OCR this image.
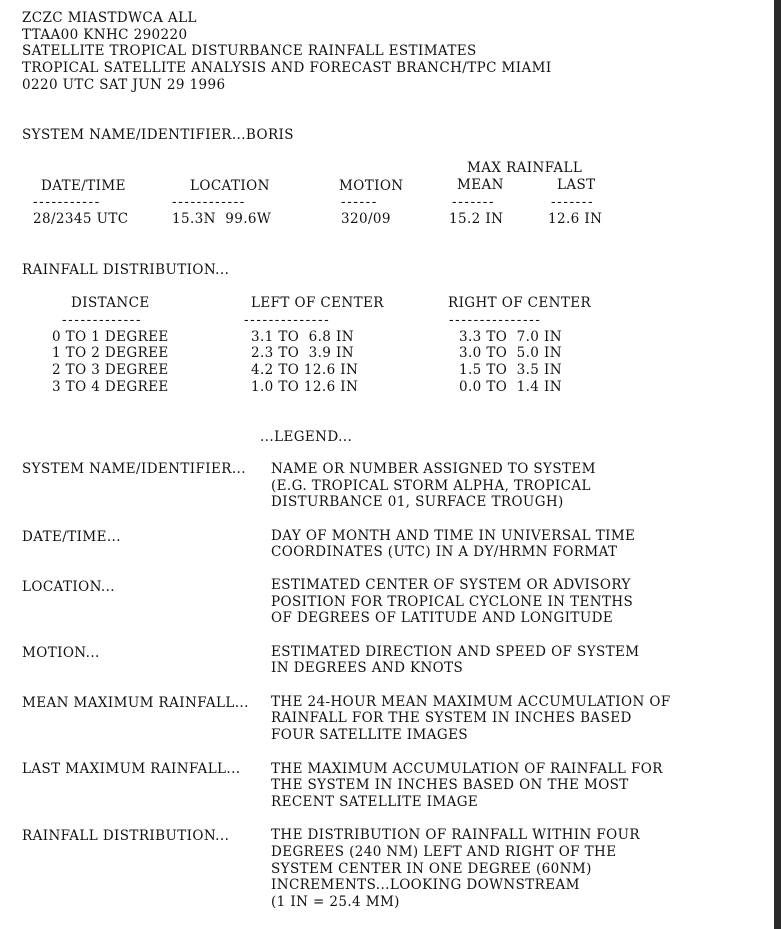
ZCZC MIASTDWCA ALL
TTAA00 KNHC 290220
SATELLITE TROPICAL DISTURBANCE RAINFALL ESTIMATES
TROPICAL SATELLITE ANALYSIS AND FORECAST BRANCH/TPC MIAMI
0220 UTC SAT JUN 29 1996
SYSTEM NAME/IDENTIFIER...BORIS
MAX RAINFALL
DATE/TIME	LOCATION	MOTION	MEAN	LAST
-----------	------------	------	-------	-------
28/2345 UTC	15.3N  99.6W	320/09	15.2 IN	12.6 IN
RAINFALL DISTRIBUTION...
DISTANCE	LEFT OF CENTER	RIGHT OF CENTER
-------------	--------------	---------------
0 TO 1 DEGREE	3.1 TO  6.8 IN	3.3 TO  7.0 IN
1 TO 2 DEGREE	2.3 TO  3.9 IN	3.0 TO  5.0 IN
2 TO 3 DEGREE	4.2 TO 12.6 IN	1.5 TO  3.5 IN
3 TO 4 DEGREE	1.0 TO 12.6 IN	0.0 TO  1.4 IN
...LEGEND...
SYSTEM NAME/IDENTIFIER... NAME OR NUMBER ASSIGNED TO SYSTEM
(E.G. TROPICAL STORM ALPHA, TROPICAL
DISTURBANCE 01, SURFACE TROUGH)
DATE/TIME...	DAY OF MONTH AND TIME IN UNIVERSAL TIME
COORDINATES (UTC) IN A DY/HRMN FORMAT
LOCATION...	ESTIMATED CENTER OF SYSTEM OR ADVISORY
POSITION FOR TROPICAL CYCLONE IN TENTHS
OF DEGREES OF LATITUDE AND LONGITUDE
MOTION...	ESTIMATED DIRECTION AND SPEED OF SYSTEM
IN DEGREES AND KNOTS
MEAN MAXIMUM RAINFALL... THE 24-HOUR MEAN MAXIMUM ACCUMULATION OF
RAINFALL FOR THE SYSTEM IN INCHES BASED
FOUR SATELLITE IMAGES
LAST MAXIMUM RAINFALL... THE MAXIMUM ACCUMULATION OF RAINFALL FOR
THE SYSTEM IN INCHES BASED ON THE MOST
RECENT SATELLITE IMAGE
RAINFALL DISTRIBUTION...	THE DISTRIBUTION OF RAINFALL WITHIN FOUR
DEGREES (240 NM) LEFT AND RIGHT OF THE
SYSTEM CENTER IN ONE DEGREE (60NM)
INCREMENTS...LOOKING DOWNSTREAM
(1 IN = 25.4 MM)
